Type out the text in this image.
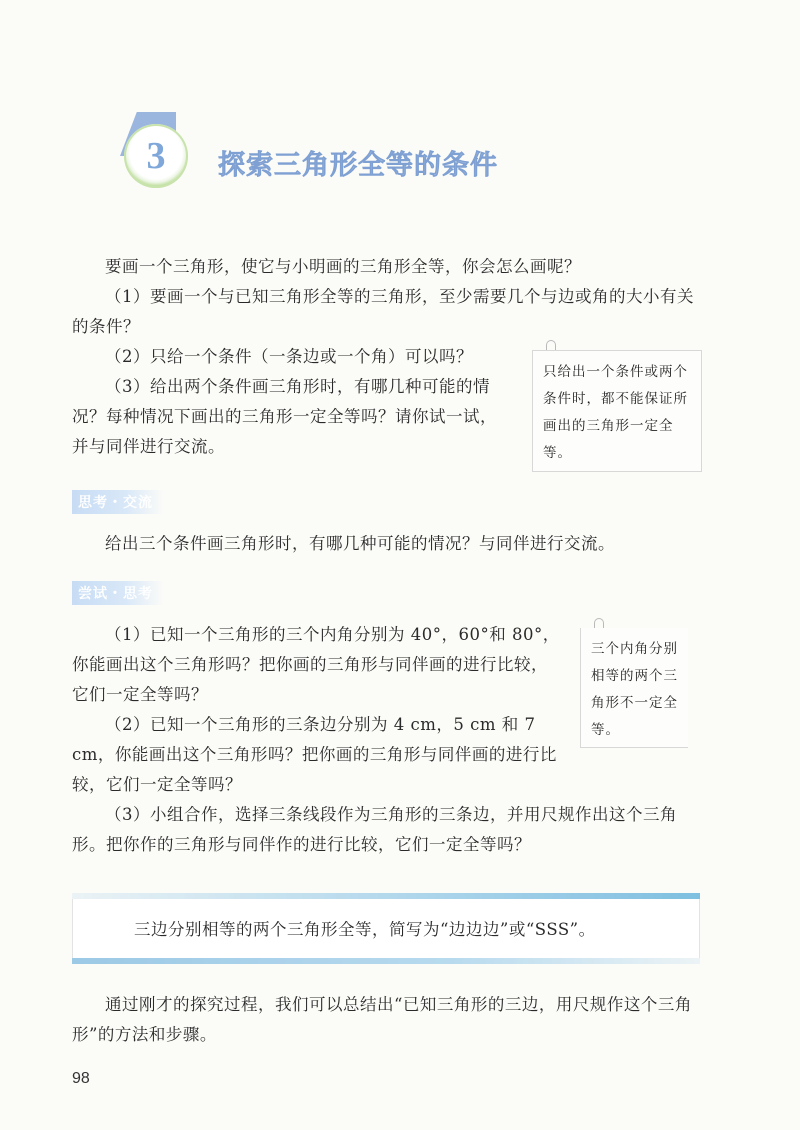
3 探索三角形全等的条件

要画一个三角形，使它与小明画的三角形全等，你会怎么画呢？

（1）要画一个与已知三角形全等的三角形，至少需要几个与边或角的大小有关的条件？

（2）只给一个条件（一条边或一个角）可以吗？

（3）给出两个条件画三角形时，有哪几种可能的情况？每种情况下画出的三角形一定全等吗？请你试一试，并与同伴进行交流。

只给出一个条件或两个条件时，都不能保证所画出的三角形一定全等。
思考・交流

给出三个条件画三角形时，有哪几种可能的情况？与同伴进行交流。

尝试・思考

（1）已知一个三角形的三个内角分别为 40°，60°和 80°，你能画出这个三角形吗？把你画的三角形与同伴画的进行比较，它们一定全等吗？

（2）已知一个三角形的三条边分别为 4 cm，5 cm 和 7 cm，你能画出这个三角形吗？把你画的三角形与同伴画的进行比较，它们一定全等吗？

（3）小组合作，选择三条线段作为三角形的三条边，并用尺规作出这个三角形。把你作的三角形与同伴作的进行比较，它们一定全等吗？

三个内角分别相等的两个三角形不一定全等。
三边分别相等的两个三角形全等，简写为“边边边”或“SSS”。

通过刚才的探究过程，我们可以总结出“已知三角形的三边，用尺规作这个三角形”的方法和步骤。

98
